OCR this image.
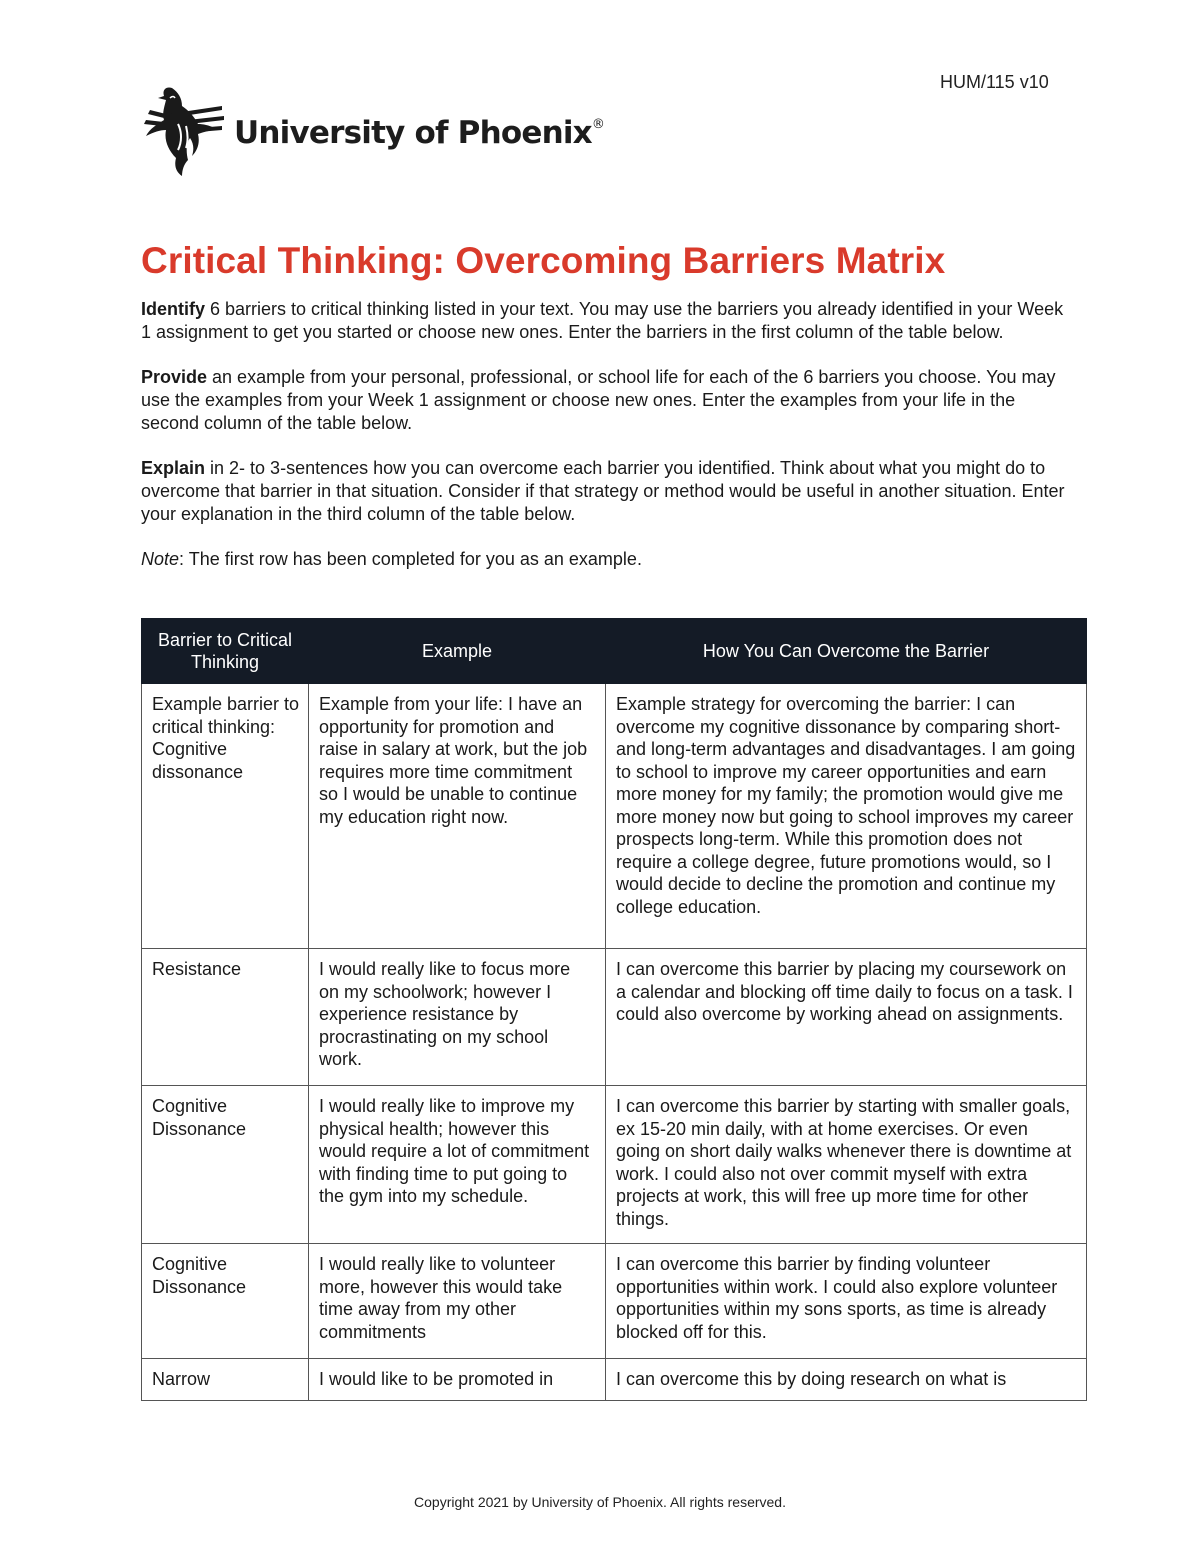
HUM/115 v10
University of Phoenix®
Critical Thinking: Overcoming Barriers Matrix

Identify 6 barriers to critical thinking listed in your text. You may use the barriers you already identified in your Week 1 assignment to get you started or choose new ones. Enter the barriers in the first column of the table below.

Provide an example from your personal, professional, or school life for each of the 6 barriers you choose. You may use the examples from your Week 1 assignment or choose new ones. Enter the examples from your life in the second column of the table below.

Explain in 2- to 3-sentences how you can overcome each barrier you identified. Think about what you might do to overcome that barrier in that situation. Consider if that strategy or method would be useful in another situation. Enter your explanation in the third column of the table below.

Note: The first row has been completed for you as an example.

Barrier to Critical Thinking	Example	How You Can Overcome the Barrier
Example barrier to critical thinking: Cognitive dissonance	Example from your life: I have an opportunity for promotion and raise in salary at work, but the job requires more time commitment so I would be unable to continue my education right now.	Example strategy for overcoming the barrier: I can overcome my cognitive dissonance by comparing short- and long-term advantages and disadvantages. I am going to school to improve my career opportunities and earn more money for my family; the promotion would give me more money now but going to school improves my career prospects long-term. While this promotion does not require a college degree, future promotions would, so I would decide to decline the promotion and continue my college education.
Resistance	I would really like to focus more on my schoolwork; however I experience resistance by procrastinating on my school work.	I can overcome this barrier by placing my coursework on a calendar and blocking off time daily to focus on a task. I could also overcome by working ahead on assignments.
Cognitive Dissonance	I would really like to improve my physical health; however this would require a lot of commitment with finding time to put going to the gym into my schedule.	I can overcome this barrier by starting with smaller goals, ex 15-20 min daily, with at home exercises. Or even going on short daily walks whenever there is downtime at work. I could also not over commit myself with extra projects at work, this will free up more time for other things.
Cognitive Dissonance	I would really like to volunteer more, however this would take time away from my other commitments	I can overcome this barrier by finding volunteer opportunities within work. I could also explore volunteer opportunities within my sons sports, as time is already blocked off for this.
Narrow	I would like to be promoted in	I can overcome this by doing research on what is
Copyright 2021 by University of Phoenix. All rights reserved.
